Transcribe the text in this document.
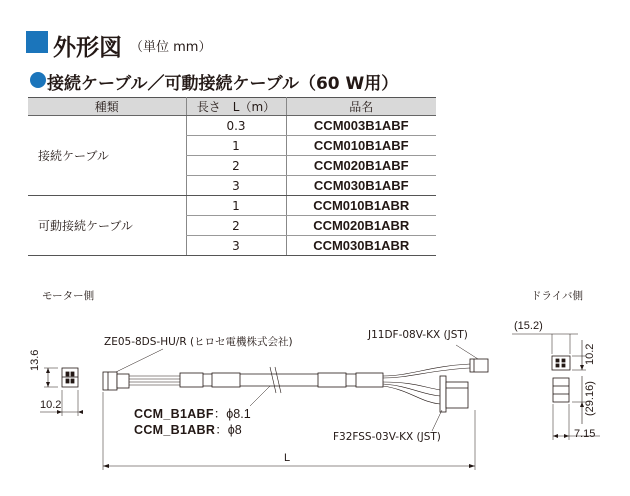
外形図 （単位 mm）
接続ケーブル／可動接続ケーブル（60 W用）
種類	長さ　L（m）	品名
接続ケーブル	0.3	CCM003B1ABF
	1	CCM010B1ABF
	2	CCM020B1ABF
	3	CCM030B1ABF
可動接続ケーブル	1	CCM010B1ABR
	2	CCM020B1ABR
	3	CCM030B1ABR
モーター側	ドライバ側
ZE05-8DS-HU/R (ヒロセ電機株式会社)
J11DF-08V-KX (JST)
F32FSS-03V-KX (JST)
CCM_B1ABF：ϕ8.1
CCM_B1ABR：ϕ8
L
13.6
10.2
(15.2)
10.2
(29.16)
7.15
